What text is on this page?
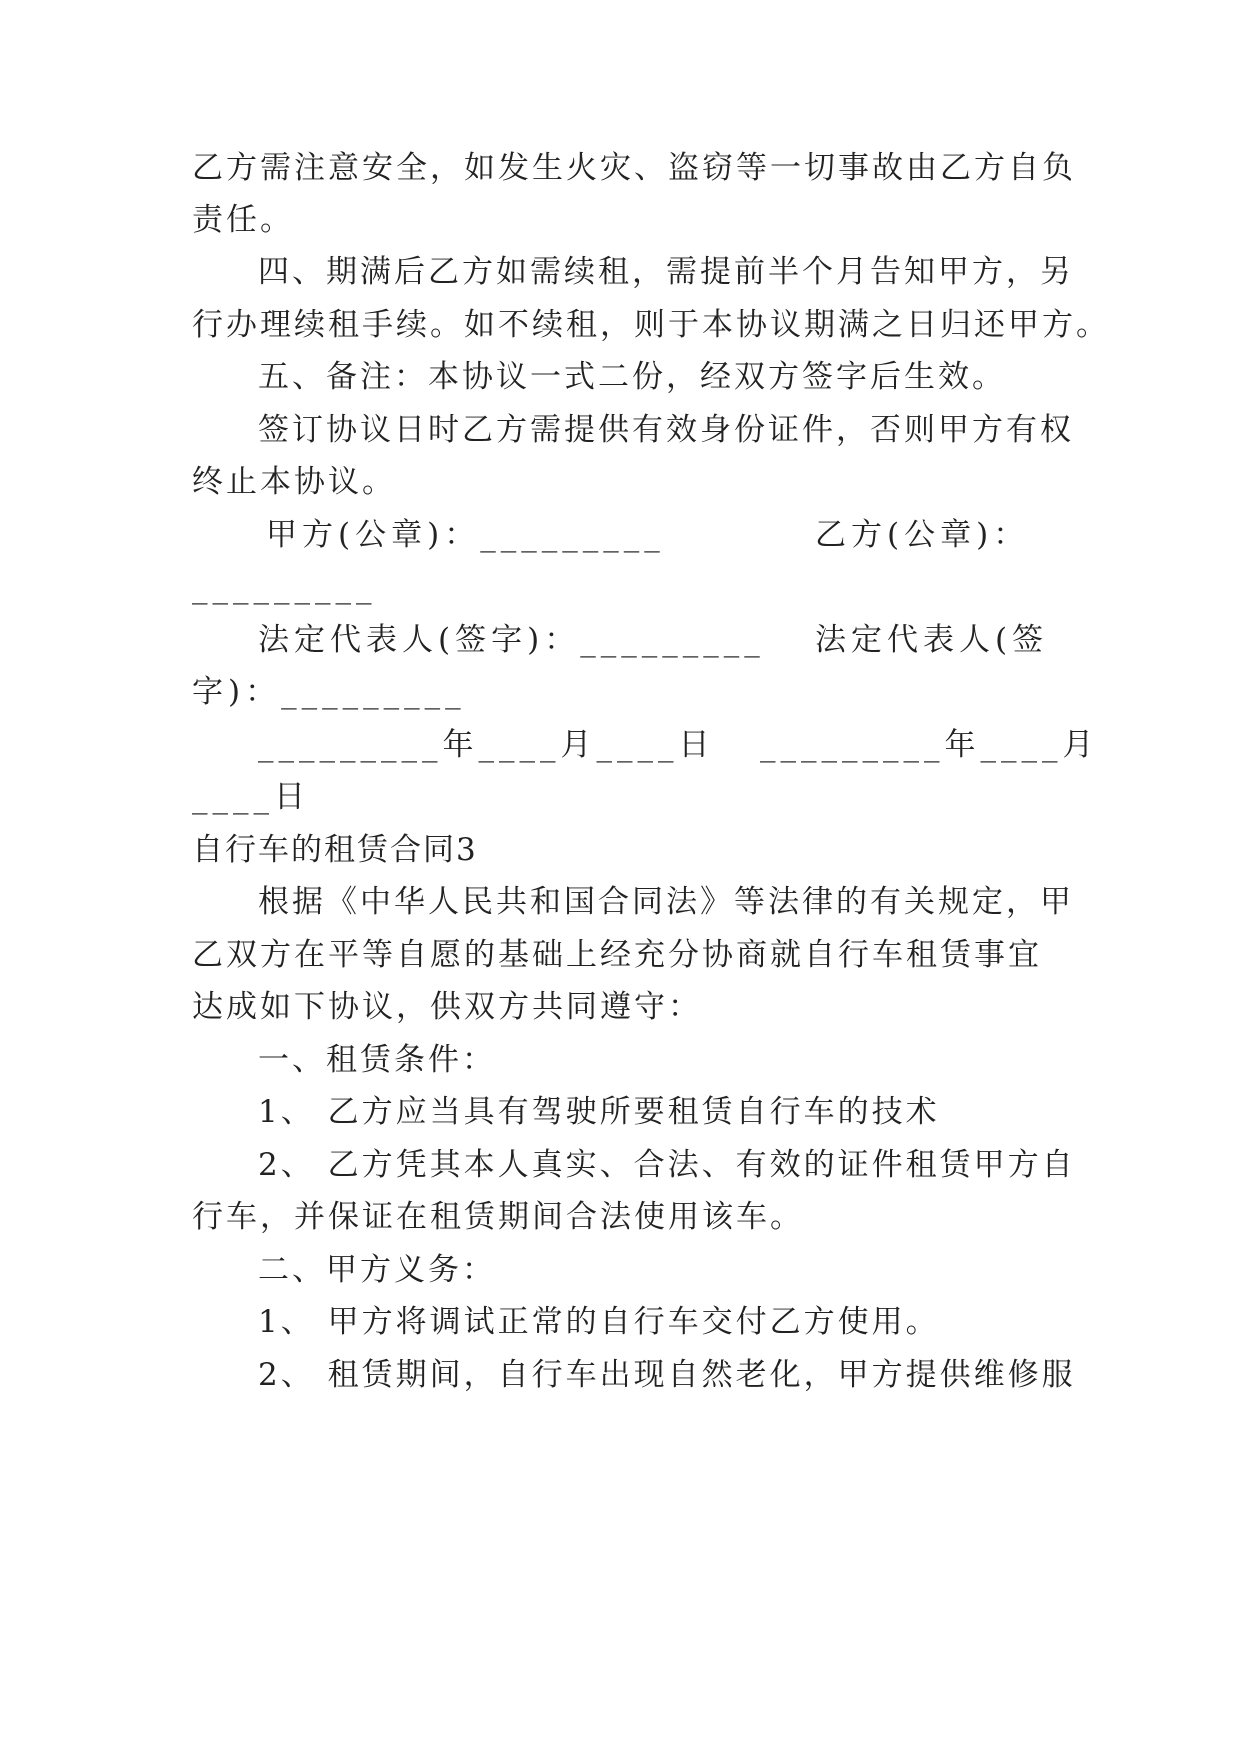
乙方需注意安全，如发生火灾、盗窃等一切事故由乙方自负
责任。
四、期满后乙方如需续租，需提前半个月告知甲方，另
行办理续租手续。如不续租，则于本协议期满之日归还甲方。
五、备注：本协议一式二份，经双方签字后生效。
签订协议日时乙方需提供有效身份证件，否则甲方有权
终止本协议。
甲方(公章)：_________	乙方(公章)：
_________
法定代表人(签字)：_________ 法定代表人(签
字)：_________
_________年____月____日 _________年____月
____日
自行车的租赁合同3
根据《中华人民共和国合同法》等法律的有关规定，甲
乙双方在平等自愿的基础上经充分协商就自行车租赁事宜
达成如下协议，供双方共同遵守：
一、租赁条件：
1、 乙方应当具有驾驶所要租赁自行车的技术
2、 乙方凭其本人真实、合法、有效的证件租赁甲方自
行车，并保证在租赁期间合法使用该车。
二、甲方义务：
1、 甲方将调试正常的自行车交付乙方使用。
2、 租赁期间，自行车出现自然老化，甲方提供维修服
